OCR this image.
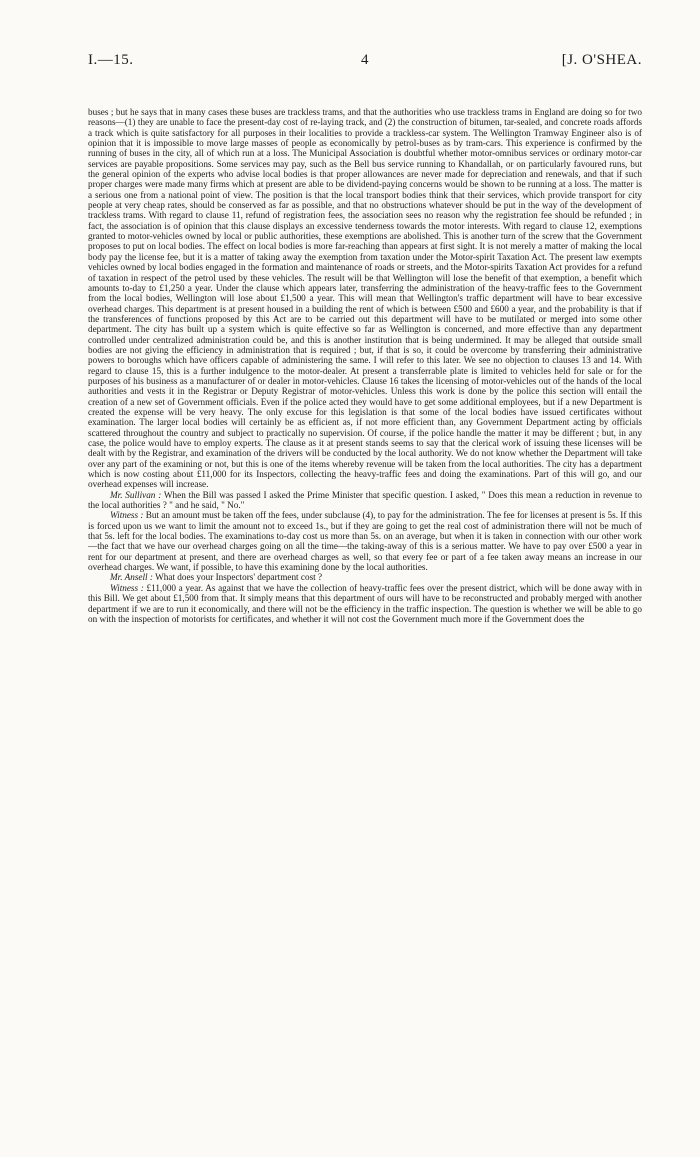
I.—15.	4	[J. O'SHEA.

buses ; but he says that in many cases these buses are trackless trams, and that the authorities who use trackless trams in England are doing so for two reasons—(1) they are unable to face the present-day cost of re-laying track, and (2) the construction of bitumen, tar-sealed, and concrete roads affords a track which is quite satisfactory for all purposes in their localities to provide a trackless-car system. The Wellington Tramway Engineer also is of opinion that it is impossible to move large masses of people as economically by petrol-buses as by tram-cars. This experience is confirmed by the running of buses in the city, all of which run at a loss. The Municipal Association is doubtful whether motor-omnibus services or ordinary motor-car services are payable propositions. Some services may pay, such as the Bell bus service running to Khandallah, or on particularly favoured runs, but the general opinion of the experts who advise local bodies is that proper allowances are never made for depreciation and renewals, and that if such proper charges were made many firms which at present are able to be dividend-paying concerns would be shown to be running at a loss. The matter is a serious one from a national point of view. The position is that the local transport bodies think that their services, which provide transport for city people at very cheap rates, should be conserved as far as possible, and that no obstructions whatever should be put in the way of the development of trackless trams. With regard to clause 11, refund of registration fees, the association sees no reason why the registration fee should be refunded ; in fact, the association is of opinion that this clause displays an excessive tenderness towards the motor interests. With regard to clause 12, exemptions granted to motor-vehicles owned by local or public authorities, these exemptions are abolished. This is another turn of the screw that the Government proposes to put on local bodies. The effect on local bodies is more far-reaching than appears at first sight. It is not merely a matter of making the local body pay the license fee, but it is a matter of taking away the exemption from taxation under the Motor-spirit Taxation Act. The present law exempts vehicles owned by local bodies engaged in the formation and maintenance of roads or streets, and the Motor-spirits Taxation Act provides for a refund of taxation in respect of the petrol used by these vehicles. The result will be that Wellington will lose the benefit of that exemption, a benefit which amounts to-day to £1,250 a year. Under the clause which appears later, transferring the administration of the heavy-traffic fees to the Government from the local bodies, Wellington will lose about £1,500 a year. This will mean that Wellington's traffic department will have to bear excessive overhead charges. This department is at present housed in a building the rent of which is between £500 and £600 a year, and the probability is that if the transferences of functions proposed by this Act are to be carried out this department will have to be mutilated or merged into some other department. The city has built up a system which is quite effective so far as Wellington is concerned, and more effective than any department controlled under centralized administration could be, and this is another institution that is being undermined. It may be alleged that outside small bodies are not giving the efficiency in administration that is required ; but, if that is so, it could be overcome by transferring their administrative powers to boroughs which have officers capable of administering the same. I will refer to this later. We see no objection to clauses 13 and 14. With regard to clause 15, this is a further indulgence to the motor-dealer. At present a transferrable plate is limited to vehicles held for sale or for the purposes of his business as a manufacturer of or dealer in motor-vehicles. Clause 16 takes the licensing of motor-vehicles out of the hands of the local authorities and vests it in the Registrar or Deputy Registrar of motor-vehicles. Unless this work is done by the police this section will entail the creation of a new set of Government officials. Even if the police acted they would have to get some additional employees, but if a new Department is created the expense will be very heavy. The only excuse for this legislation is that some of the local bodies have issued certificates without examination. The larger local bodies will certainly be as efficient as, if not more efficient than, any Government Department acting by officials scattered throughout the country and subject to practically no supervision. Of course, if the police handle the matter it may be different ; but, in any case, the police would have to employ experts. The clause as it at present stands seems to say that the clerical work of issuing these licenses will be dealt with by the Registrar, and examination of the drivers will be conducted by the local authority. We do not know whether the Department will take over any part of the examining or not, but this is one of the items whereby revenue will be taken from the local authorities. The city has a department which is now costing about £11,000 for its Inspectors, collecting the heavy-traffic fees and doing the examinations. Part of this will go, and our overhead expenses will increase.

Mr. Sullivan : When the Bill was passed I asked the Prime Minister that specific question. I asked, " Does this mean a reduction in revenue to the local authorities ? " and he said, " No."

Witness : But an amount must be taken off the fees, under subclause (4), to pay for the administration. The fee for licenses at present is 5s. If this is forced upon us we want to limit the amount not to exceed 1s., but if they are going to get the real cost of administration there will not be much of that 5s. left for the local bodies. The examinations to-day cost us more than 5s. on an average, but when it is taken in connection with our other work—the fact that we have our overhead charges going on all the time—the taking-away of this is a serious matter. We have to pay over £500 a year in rent for our department at present, and there are overhead charges as well, so that every fee or part of a fee taken away means an increase in our overhead charges. We want, if possible, to have this examining done by the local authorities.

Mr. Ansell : What does your Inspectors' department cost ?

Witness : £11,000 a year. As against that we have the collection of heavy-traffic fees over the present district, which will be done away with in this Bill. We get about £1,500 from that. It simply means that this department of ours will have to be reconstructed and probably merged with another department if we are to run it economically, and there will not be the efficiency in the traffic inspection. The question is whether we will be able to go on with the inspection of motorists for certificates, and whether it will not cost the Government much more if the Government does the
